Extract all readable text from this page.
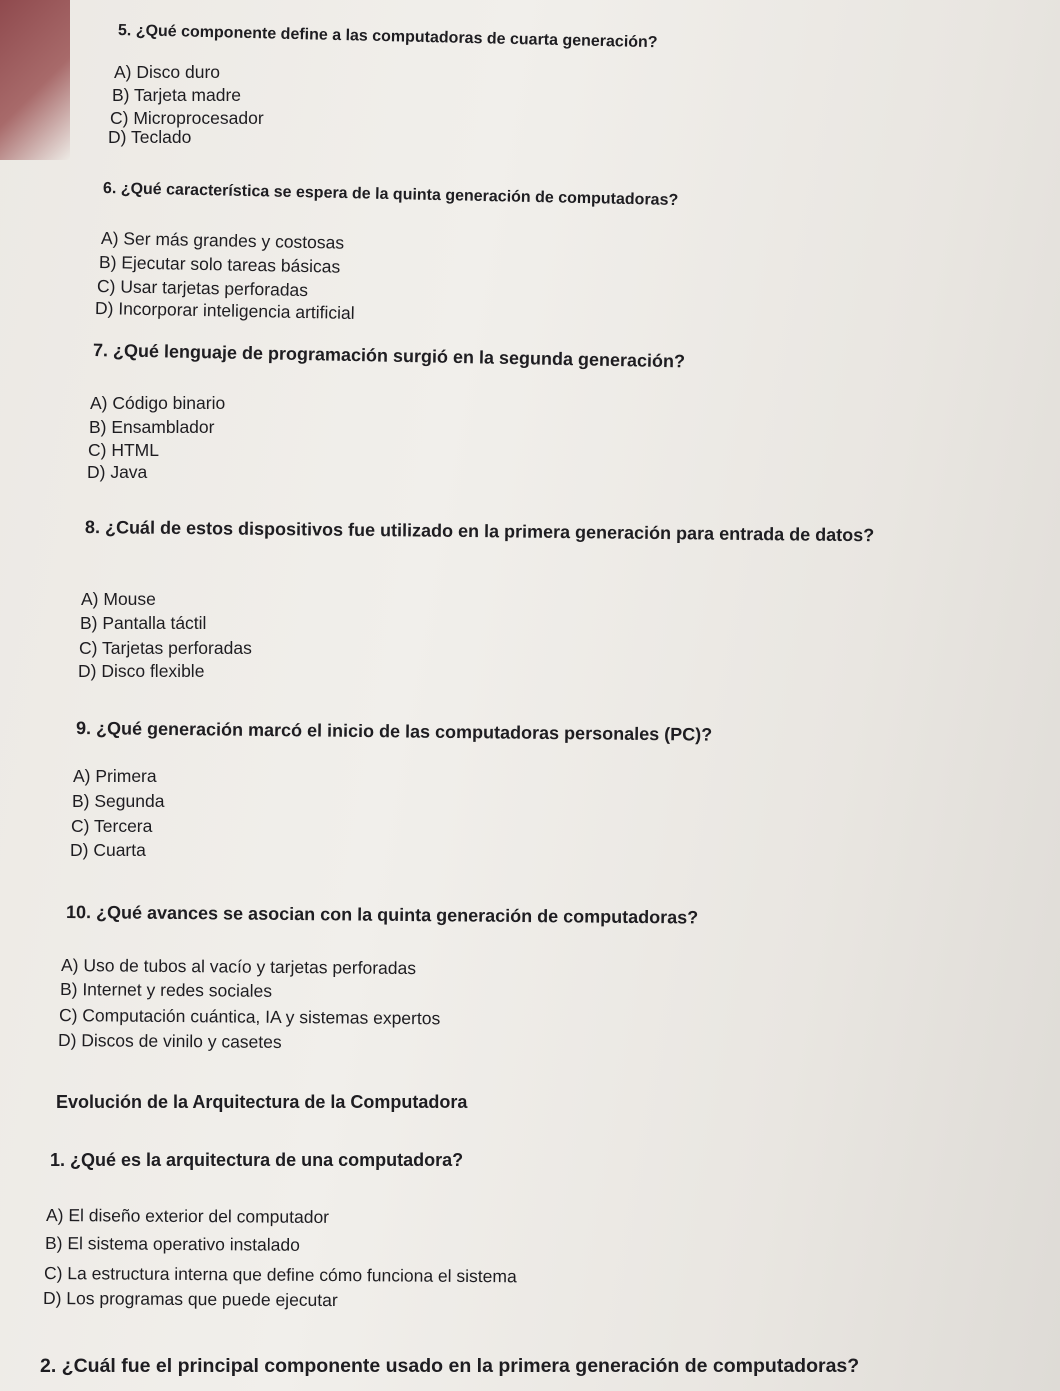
5. ¿Qué componente define a las computadoras de cuarta generación?
A) Disco duro
B) Tarjeta madre
C) Microprocesador
D) Teclado
6. ¿Qué característica se espera de la quinta generación de computadoras?
A) Ser más grandes y costosas
B) Ejecutar solo tareas básicas
C) Usar tarjetas perforadas
D) Incorporar inteligencia artificial
7. ¿Qué lenguaje de programación surgió en la segunda generación?
A) Código binario
B) Ensamblador
C) HTML
D) Java
8. ¿Cuál de estos dispositivos fue utilizado en la primera generación para entrada de datos?
A) Mouse
B) Pantalla táctil
C) Tarjetas perforadas
D) Disco flexible
9. ¿Qué generación marcó el inicio de las computadoras personales (PC)?
A) Primera
B) Segunda
C) Tercera
D) Cuarta
10. ¿Qué avances se asocian con la quinta generación de computadoras?
A) Uso de tubos al vacío y tarjetas perforadas
B) Internet y redes sociales
C) Computación cuántica, IA y sistemas expertos
D) Discos de vinilo y casetes
Evolución de la Arquitectura de la Computadora
1. ¿Qué es la arquitectura de una computadora?
A) El diseño exterior del computador
B) El sistema operativo instalado
C) La estructura interna que define cómo funciona el sistema
D) Los programas que puede ejecutar
2. ¿Cuál fue el principal componente usado en la primera generación de computadoras?
